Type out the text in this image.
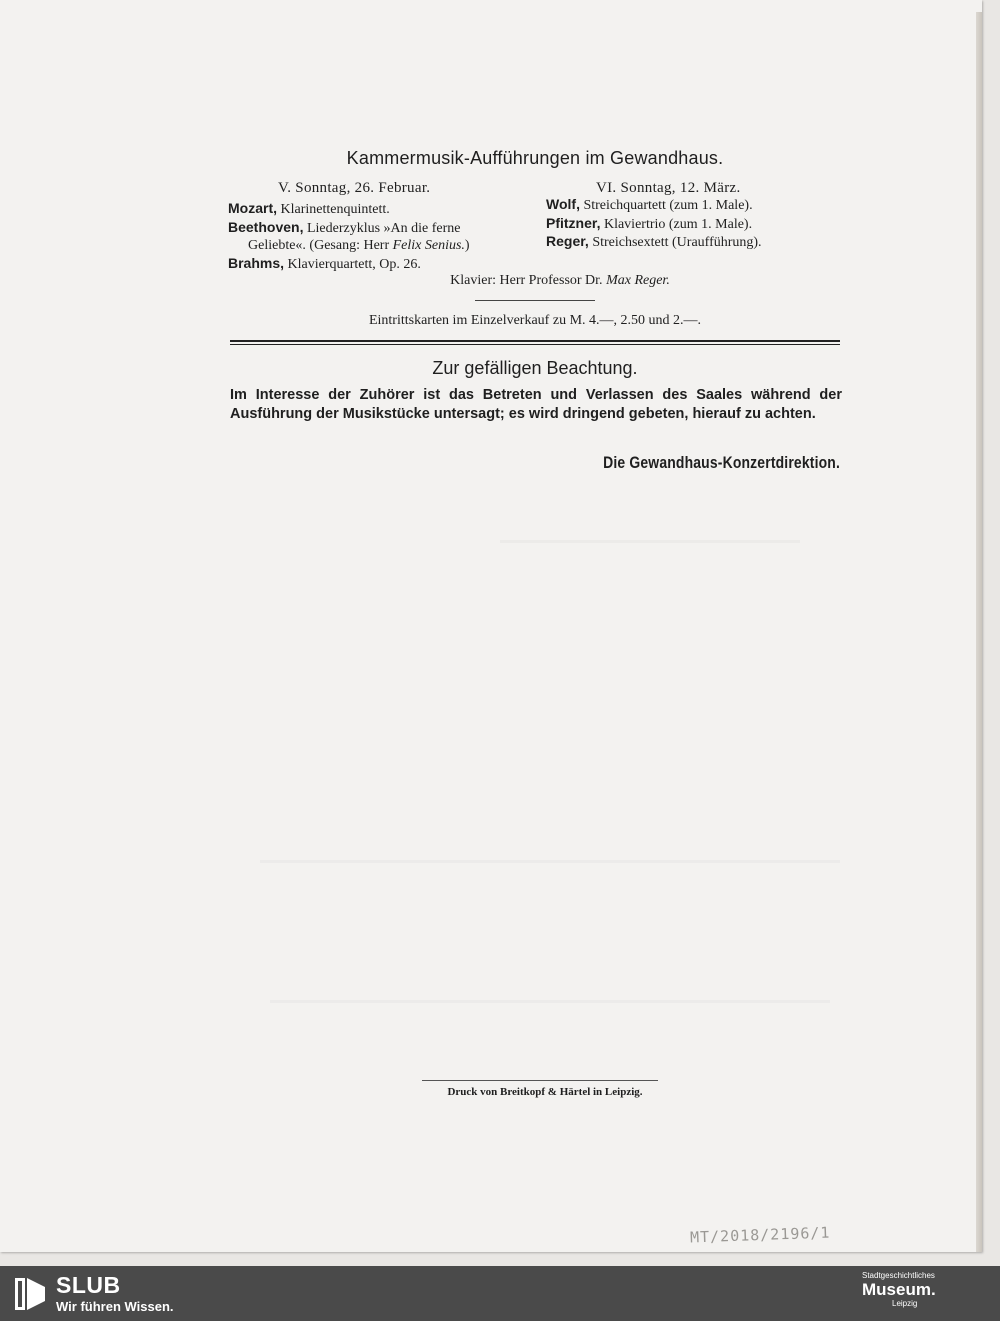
Kammermusik-Aufführungen im Gewandhaus.
V. Sonntag, 26. Februar.	VI. Sonntag, 12. März.
Mozart, Klarinettenquintett.
Beethoven, Liederzyklus »An die ferne
Geliebte«. (Gesang: Herr Felix Senius.)
Brahms, Klavierquartett, Op. 26.
Wolf, Streichquartett (zum 1. Male).
Pfitzner, Klaviertrio (zum 1. Male).
Reger, Streichsextett (Uraufführung).
Klavier: Herr Professor Dr. Max Reger.
Eintrittskarten im Einzelverkauf zu M. 4.—, 2.50 und 2.—.
Zur gefälligen Beachtung.
Im Interesse der Zuhörer ist das Betreten und Verlassen des Saales während der Ausführung der Musikstücke untersagt; es wird dringend gebeten, hierauf zu achten.
Die Gewandhaus-Konzertdirektion.
Druck von Breitkopf & Härtel in Leipzig.
MT/2018/2196/1
SLUB
Wir führen Wissen.
Stadtgeschichtliches
Museum.
Leipzig
